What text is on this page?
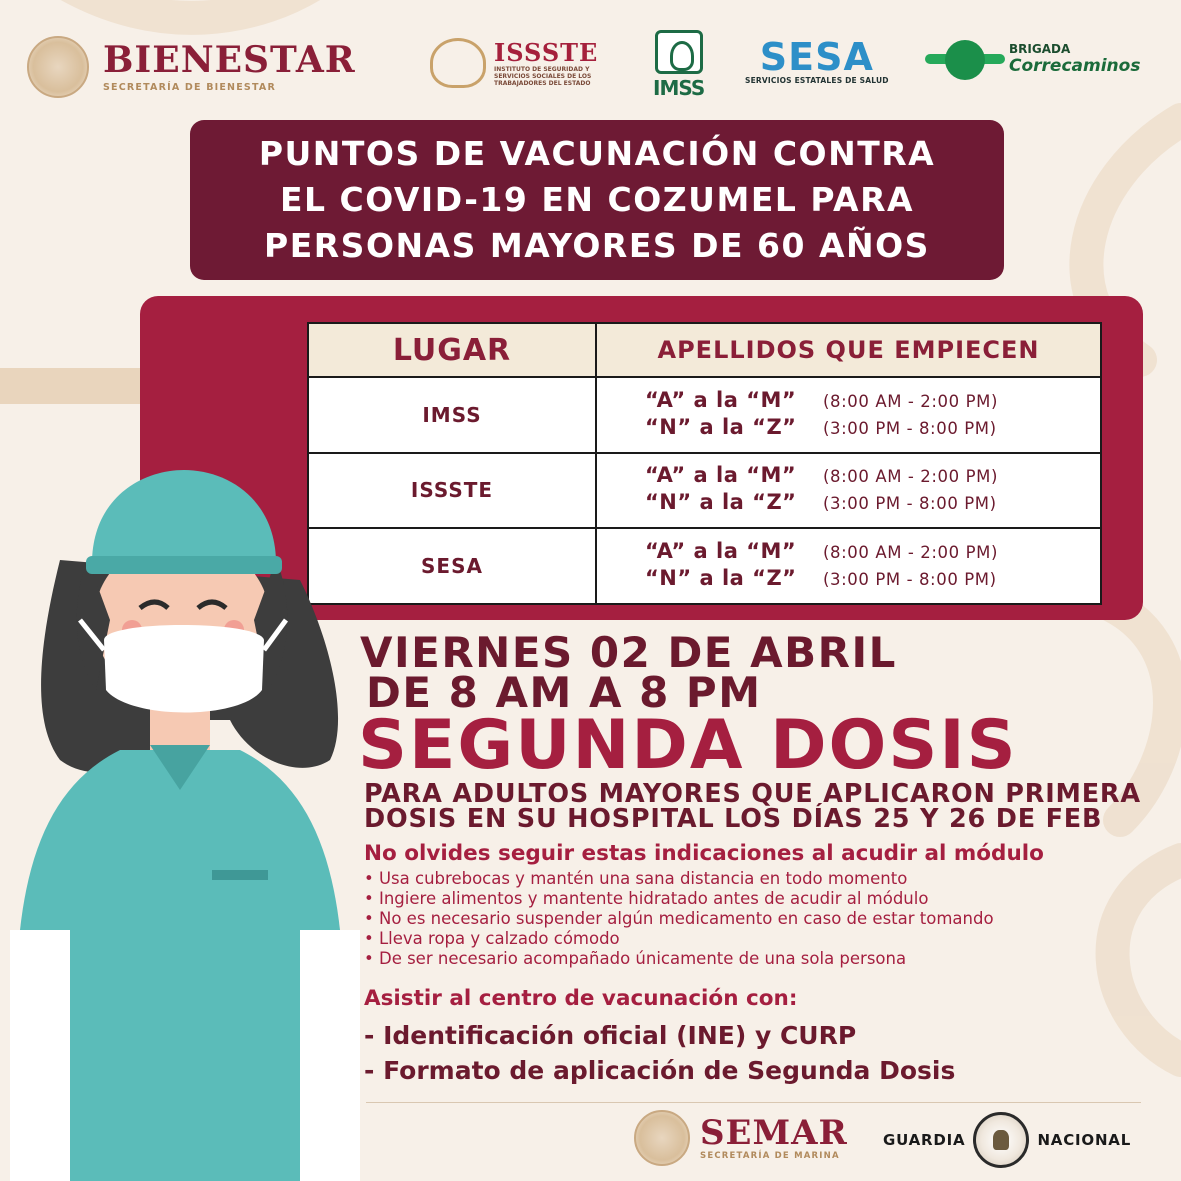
BIENESTAR
SECRETARÍA DE BIENESTAR
ISSSTE
INSTITUTO DE SEGURIDAD Y SERVICIOS SOCIALES DE LOS TRABAJADORES DEL ESTADO	IMSS
SESA
SERVICIOS ESTATALES DE SALUD
BRIGADA
Correcaminos
PUNTOS DE VACUNACIÓN CONTRA
EL COVID-19 EN COZUMEL PARA
PERSONAS MAYORES DE 60 AÑOS
LUGAR	APELLIDOS QUE EMPIECEN
IMSS	“A” a la “M” (8:00 AM - 2:00 PM)
“N” a la “Z” (3:00 PM - 8:00 PM)

ISSSTE	“A” a la “M” (8:00 AM - 2:00 PM)
“N” a la “Z” (3:00 PM - 8:00 PM)

SESA	“A” a la “M” (8:00 AM - 2:00 PM)
“N” a la “Z” (3:00 PM - 8:00 PM)
VIERNES 02 DE ABRIL
DE 8 AM A 8 PM
SEGUNDA DOSIS
PARA ADULTOS MAYORES QUE APLICARON PRIMERA
DOSIS EN SU HOSPITAL LOS DÍAS 25 Y 26 DE FEB
No olvides seguir estas indicaciones al acudir al módulo
• Usa cubrebocas y mantén una sana distancia en todo momento
• Ingiere alimentos y mantente hidratado antes de acudir al módulo
• No es necesario suspender algún medicamento en caso de estar tomando
• Lleva ropa y calzado cómodo
• De ser necesario acompañado únicamente de una sola persona
Asistir al centro de vacunación con:
- Identificación oficial (INE) y CURP
- Formato de aplicación de Segunda Dosis
SEMAR
SECRETARÍA DE MARINA
GUARDIA	NACIONAL
